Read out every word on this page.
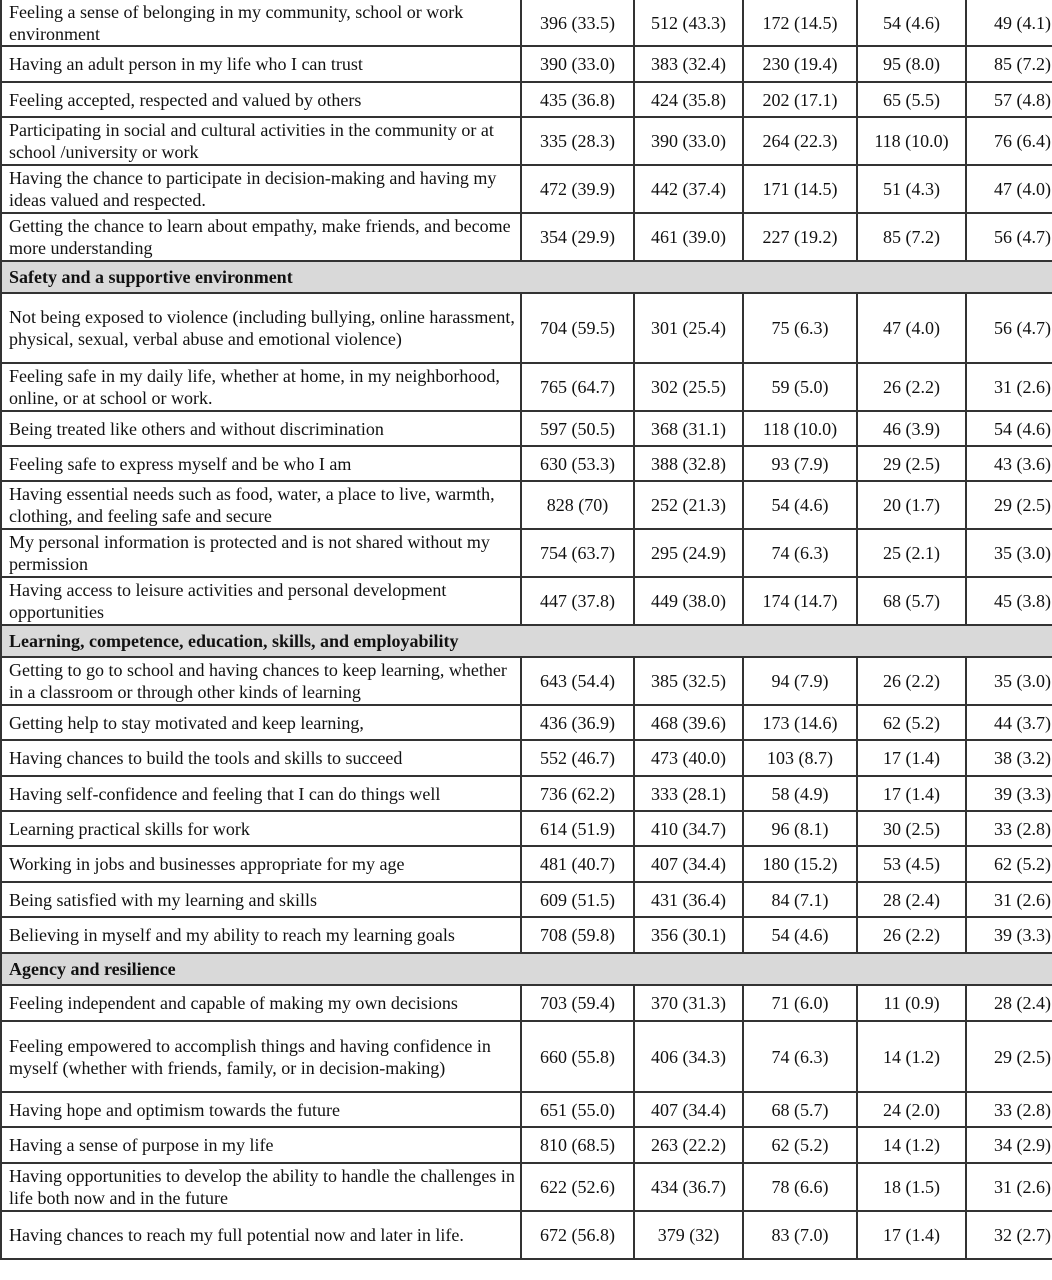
Feeling a sense of belonging in my community, school or work environment	396 (33.5)	512 (43.3)	172 (14.5)	54 (4.6)	49 (4.1)
Having an adult person in my life who I can trust	390 (33.0)	383 (32.4)	230 (19.4)	95 (8.0)	85 (7.2)
Feeling accepted, respected and valued by others	435 (36.8)	424 (35.8)	202 (17.1)	65 (5.5)	57 (4.8)
Participating in social and cultural activities in the community or at school /university or work	335 (28.3)	390 (33.0)	264 (22.3)	118 (10.0)	76 (6.4)
Having the chance to participate in decision-making and having my ideas valued and respected.	472 (39.9)	442 (37.4)	171 (14.5)	51 (4.3)	47 (4.0)
Getting the chance to learn about empathy, make friends, and become more understanding	354 (29.9)	461 (39.0)	227 (19.2)	85 (7.2)	56 (4.7)
Safety and a supportive environment					
Not being exposed to violence (including bullying, online harassment, physical, sexual, verbal abuse and emotional violence)	704 (59.5)	301 (25.4)	75 (6.3)	47 (4.0)	56 (4.7)
Feeling safe in my daily life, whether at home, in my neighborhood, online, or at school or work.	765 (64.7)	302 (25.5)	59 (5.0)	26 (2.2)	31 (2.6)
Being treated like others and without discrimination	597 (50.5)	368 (31.1)	118 (10.0)	46 (3.9)	54 (4.6)
Feeling safe to express myself and be who I am	630 (53.3)	388 (32.8)	93 (7.9)	29 (2.5)	43 (3.6)
Having essential needs such as food, water, a place to live, warmth, clothing, and feeling safe and secure	828 (70)	252 (21.3)	54 (4.6)	20 (1.7)	29 (2.5)
My personal information is protected and is not shared without my permission	754 (63.7)	295 (24.9)	74 (6.3)	25 (2.1)	35 (3.0)
Having access to leisure activities and personal development opportunities	447 (37.8)	449 (38.0)	174 (14.7)	68 (5.7)	45 (3.8)
Learning, competence, education, skills, and employability					
Getting to go to school and having chances to keep learning, whether in a classroom or through other kinds of learning	643 (54.4)	385 (32.5)	94 (7.9)	26 (2.2)	35 (3.0)
Getting help to stay motivated and keep learning,	436 (36.9)	468 (39.6)	173 (14.6)	62 (5.2)	44 (3.7)
Having chances to build the tools and skills to succeed	552 (46.7)	473 (40.0)	103 (8.7)	17 (1.4)	38 (3.2)
Having self-confidence and feeling that I can do things well	736 (62.2)	333 (28.1)	58 (4.9)	17 (1.4)	39 (3.3)
Learning practical skills for work	614 (51.9)	410 (34.7)	96 (8.1)	30 (2.5)	33 (2.8)
Working in jobs and businesses appropriate for my age	481 (40.7)	407 (34.4)	180 (15.2)	53 (4.5)	62 (5.2)
Being satisfied with my learning and skills	609 (51.5)	431 (36.4)	84 (7.1)	28 (2.4)	31 (2.6)
Believing in myself and my ability to reach my learning goals	708 (59.8)	356 (30.1)	54 (4.6)	26 (2.2)	39 (3.3)
Agency and resilience					
Feeling independent and capable of making my own decisions	703 (59.4)	370 (31.3)	71 (6.0)	11 (0.9)	28 (2.4)
Feeling empowered to accomplish things and having confidence in myself (whether with friends, family, or in decision-making)	660 (55.8)	406 (34.3)	74 (6.3)	14 (1.2)	29 (2.5)
Having hope and optimism towards the future	651 (55.0)	407 (34.4)	68 (5.7)	24 (2.0)	33 (2.8)
Having a sense of purpose in my life	810 (68.5)	263 (22.2)	62 (5.2)	14 (1.2)	34 (2.9)
Having opportunities to develop the ability to handle the challenges in life both now and in the future	622 (52.6)	434 (36.7)	78 (6.6)	18 (1.5)	31 (2.6)
Having chances to reach my full potential now and later in life.	672 (56.8)	379 (32)	83 (7.0)	17 (1.4)	32 (2.7)
